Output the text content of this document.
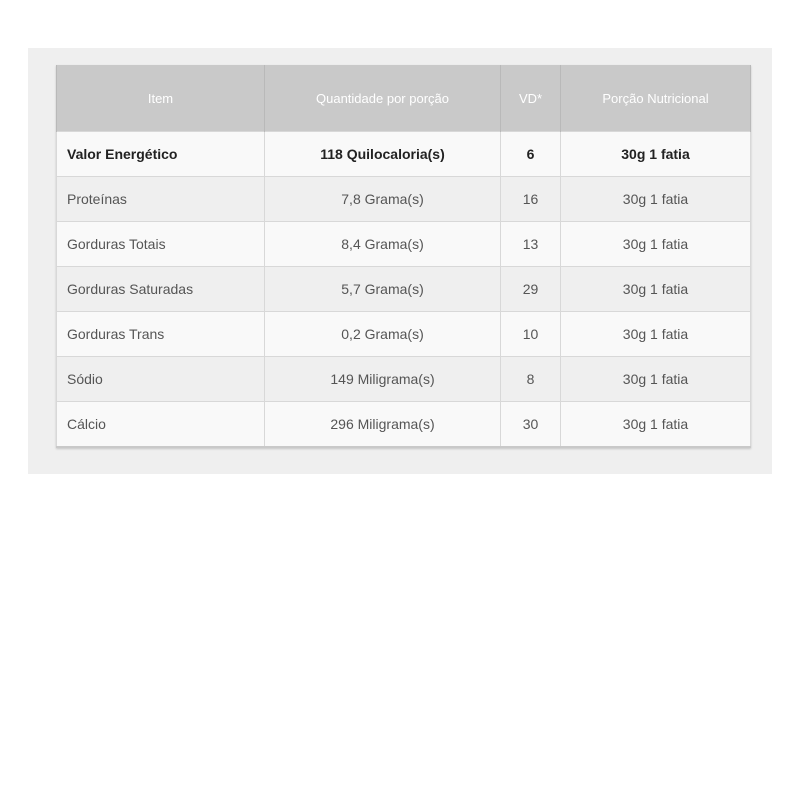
Item	Quantidade por porção	VD*	Porção Nutricional
Valor Energético	118 Quilocaloria(s)	6	30g 1 fatia
Proteínas	7,8 Grama(s)	16	30g 1 fatia
Gorduras Totais	8,4 Grama(s)	13	30g 1 fatia
Gorduras Saturadas	5,7 Grama(s)	29	30g 1 fatia
Gorduras Trans	0,2 Grama(s)	10	30g 1 fatia
Sódio	149 Miligrama(s)	8	30g 1 fatia
Cálcio	296 Miligrama(s)	30	30g 1 fatia
